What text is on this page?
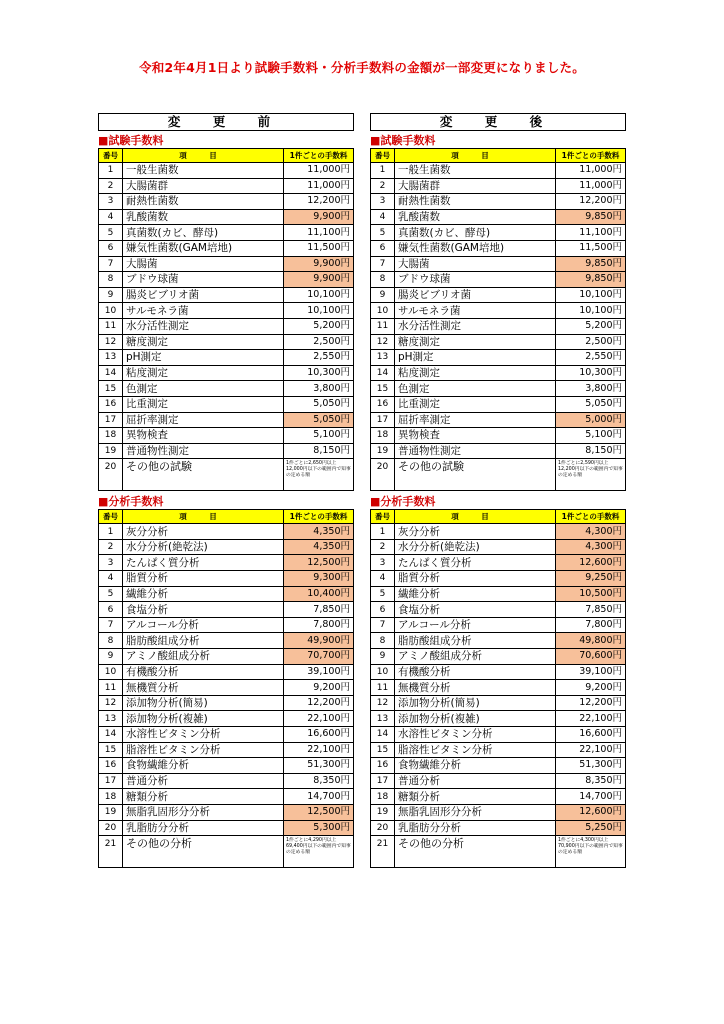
令和2年4月1日より試験手数料・分析手数料の金額が一部変更になりました。
変 更 前
■試験手数料
番号	項 目	1件ごとの手数料
1	一般生菌数	11,000円
2	大腸菌群	11,000円
3	耐熱性菌数	12,200円
4	乳酸菌数	9,900円
5	真菌数(カビ、酵母)	11,100円
6	嫌気性菌数(GAM培地)	11,500円
7	大腸菌	9,900円
8	ブドウ球菌	9,900円
9	腸炎ビブリオ菌	10,100円
10	サルモネラ菌	10,100円
11	水分活性測定	5,200円
12	糖度測定	2,500円
13	pH測定	2,550円
14	粘度測定	10,300円
15	色測定	3,800円
16	比重測定	5,050円
17	屈折率測定	5,050円
18	異物検査	5,100円
19	普通物性測定	8,150円
20	その他の試験	1件ごとに2,650円以上12,000円以下の範囲内で知事の定める額
■分析手数料
番号	項 目	1件ごとの手数料
1	灰分分析	4,350円
2	水分分析(絶乾法)	4,350円
3	たんぱく質分析	12,500円
4	脂質分析	9,300円
5	繊維分析	10,400円
6	食塩分析	7,850円
7	アルコール分析	7,800円
8	脂肪酸組成分析	49,900円
9	アミノ酸組成分析	70,700円
10	有機酸分析	39,100円
11	無機質分析	9,200円
12	添加物分析(簡易)	12,200円
13	添加物分析(複雑)	22,100円
14	水溶性ビタミン分析	16,600円
15	脂溶性ビタミン分析	22,100円
16	食物繊維分析	51,300円
17	普通分析	8,350円
18	糖類分析	14,700円
19	無脂乳固形分分析	12,500円
20	乳脂肪分分析	5,300円
21	その他の分析	1件ごとに4,290円以上69,400円以下の範囲内で知事の定める額
変 更 後
■試験手数料
番号	項 目	1件ごとの手数料
1	一般生菌数	11,000円
2	大腸菌群	11,000円
3	耐熱性菌数	12,200円
4	乳酸菌数	9,850円
5	真菌数(カビ、酵母)	11,100円
6	嫌気性菌数(GAM培地)	11,500円
7	大腸菌	9,850円
8	ブドウ球菌	9,850円
9	腸炎ビブリオ菌	10,100円
10	サルモネラ菌	10,100円
11	水分活性測定	5,200円
12	糖度測定	2,500円
13	pH測定	2,550円
14	粘度測定	10,300円
15	色測定	3,800円
16	比重測定	5,050円
17	屈折率測定	5,000円
18	異物検査	5,100円
19	普通物性測定	8,150円
20	その他の試験	1件ごとに2,590円以上12,200円以下の範囲内で知事の定める額
■分析手数料
番号	項 目	1件ごとの手数料
1	灰分分析	4,300円
2	水分分析(絶乾法)	4,300円
3	たんぱく質分析	12,600円
4	脂質分析	9,250円
5	繊維分析	10,500円
6	食塩分析	7,850円
7	アルコール分析	7,800円
8	脂肪酸組成分析	49,800円
9	アミノ酸組成分析	70,600円
10	有機酸分析	39,100円
11	無機質分析	9,200円
12	添加物分析(簡易)	12,200円
13	添加物分析(複雑)	22,100円
14	水溶性ビタミン分析	16,600円
15	脂溶性ビタミン分析	22,100円
16	食物繊維分析	51,300円
17	普通分析	8,350円
18	糖類分析	14,700円
19	無脂乳固形分分析	12,600円
20	乳脂肪分分析	5,250円
21	その他の分析	1件ごとに4,300円以上70,900円以下の範囲内で知事の定める額
